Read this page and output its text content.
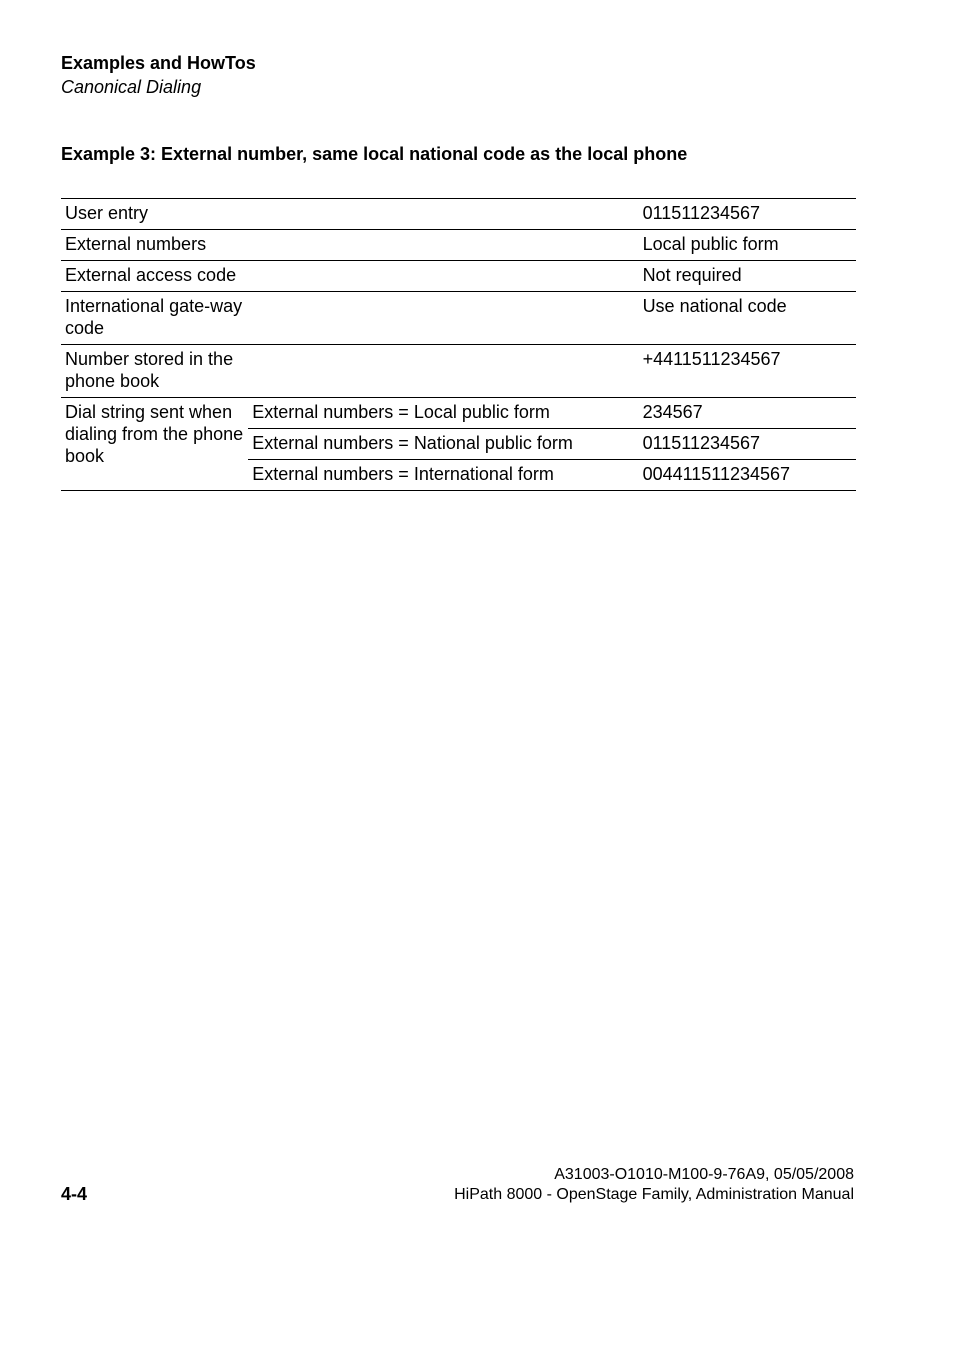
Examples and HowTos
Canonical Dialing
Example 3: External number, same local national code as the local phone
User entry		011511234567
External numbers		Local public form
External access code		Not required
International gate-way code		Use national code
Number stored in the phone book		+4411511234567
Dial string sent when dialing from the phone book	External numbers = Local public form	234567
	External numbers = National public form	011511234567
	External numbers = International form	004411511234567
4-4
A31003-O1010-M100-9-76A9, 05/05/2008
HiPath 8000 - OpenStage Family, Administration Manual
